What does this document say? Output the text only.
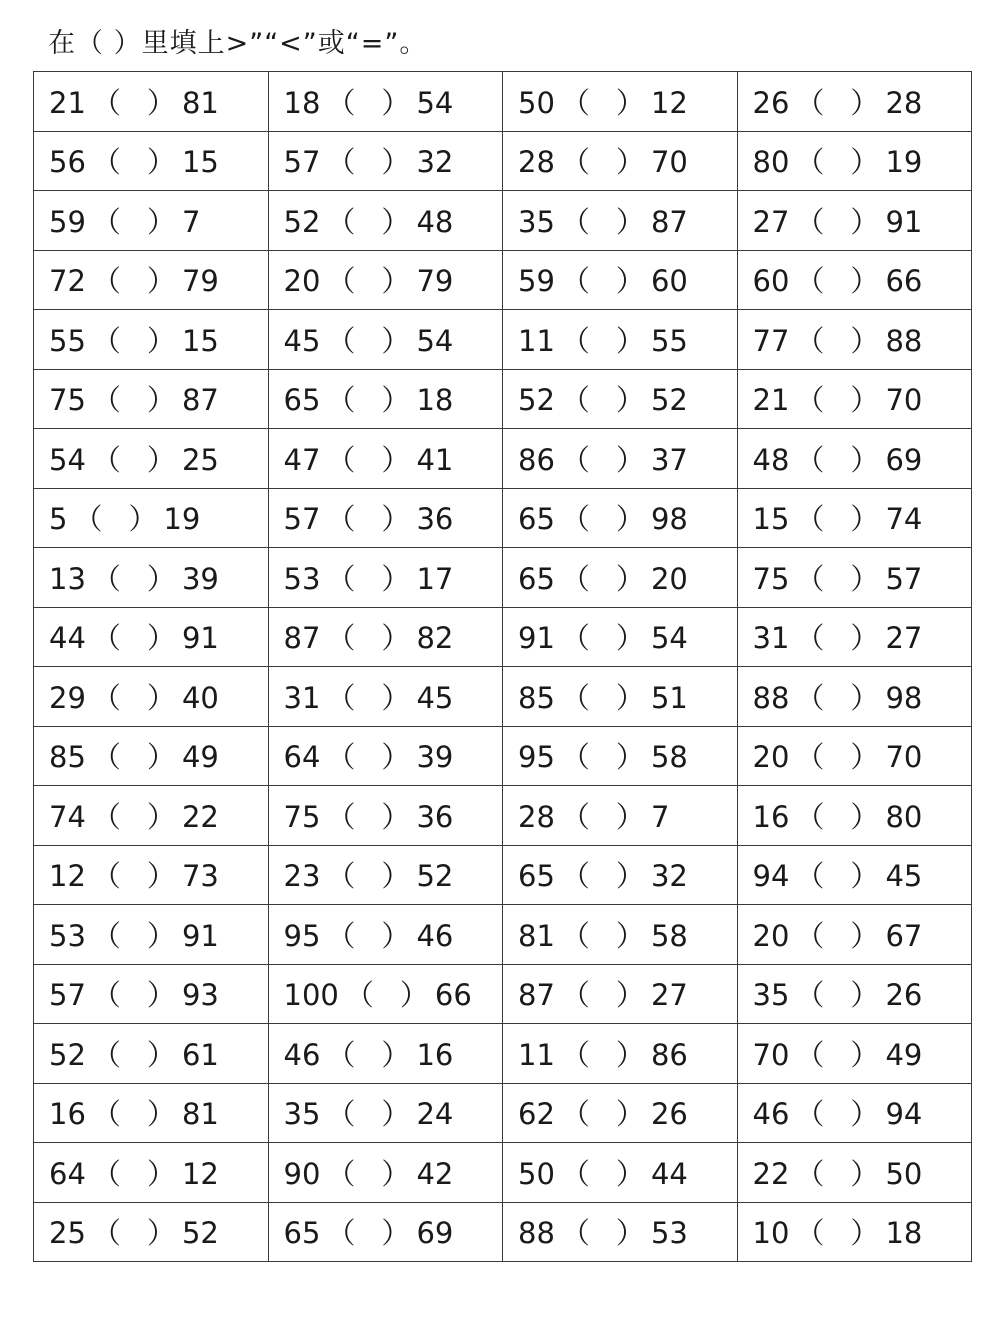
在（ ）里填上>”“<”或“=”。
21 （ ） 81	18 （ ） 54	50 （ ） 12	26 （ ） 28
56 （ ） 15	57 （ ） 32	28 （ ） 70	80 （ ） 19
59 （ ） 7	52 （ ） 48	35 （ ） 87	27 （ ） 91
72 （ ） 79	20 （ ） 79	59 （ ） 60	60 （ ） 66
55 （ ） 15	45 （ ） 54	11 （ ） 55	77 （ ） 88
75 （ ） 87	65 （ ） 18	52 （ ） 52	21 （ ） 70
54 （ ） 25	47 （ ） 41	86 （ ） 37	48 （ ） 69
5 （ ） 19	57 （ ） 36	65 （ ） 98	15 （ ） 74
13 （ ） 39	53 （ ） 17	65 （ ） 20	75 （ ） 57
44 （ ） 91	87 （ ） 82	91 （ ） 54	31 （ ） 27
29 （ ） 40	31 （ ） 45	85 （ ） 51	88 （ ） 98
85 （ ） 49	64 （ ） 39	95 （ ） 58	20 （ ） 70
74 （ ） 22	75 （ ） 36	28 （ ） 7	16 （ ） 80
12 （ ） 73	23 （ ） 52	65 （ ） 32	94 （ ） 45
53 （ ） 91	95 （ ） 46	81 （ ） 58	20 （ ） 67
57 （ ） 93	100 （ ） 66	87 （ ） 27	35 （ ） 26
52 （ ） 61	46 （ ） 16	11 （ ） 86	70 （ ） 49
16 （ ） 81	35 （ ） 24	62 （ ） 26	46 （ ） 94
64 （ ） 12	90 （ ） 42	50 （ ） 44	22 （ ） 50
25 （ ） 52	65 （ ） 69	88 （ ） 53	10 （ ） 18
